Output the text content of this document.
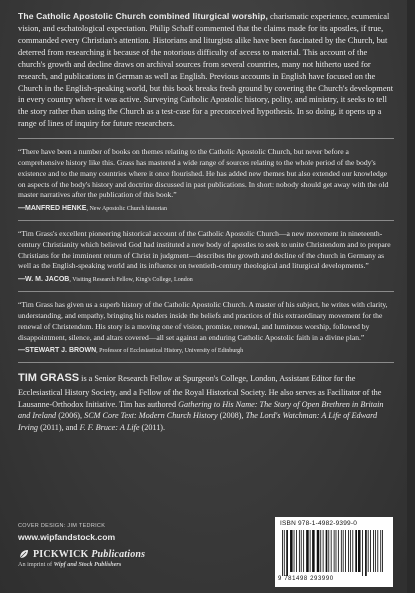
The Catholic Apostolic Church combined liturgical worship, charismatic experience, ecumenical vision, and eschatological expectation. Philip Schaff commented that the claims made for its apostles, if true, commanded every Christian's attention. Historians and liturgists alike have been fascinated by the Church, but deterred from researching it because of the notorious difficulty of access to material. This account of the church's growth and decline draws on archival sources from several countries, many not hitherto used for research, and publications in German as well as English. Previous accounts in English have focused on the Church in the English-speaking world, but this book breaks fresh ground by covering the Church's development in every country where it was active. Surveying Catholic Apostolic history, polity, and ministry, it seeks to tell the story rather than using the Church as a test-case for a preconceived hypothesis. In so doing, it opens up a range of lines of inquiry for future researchers.

“There have been a number of books on themes relating to the Catholic Apostolic Church, but never before a comprehensive history like this. Grass has mastered a wide range of sources relating to the whole period of the body's existence and to the many countries where it once flourished. He has added new themes but also extended our knowledge on aspects of the body's history and doctrine discussed in past publications. In short: nobody should get away with the old master narratives after the publication of this book.”

—MANFRED HENKE, New Apostolic Church historian

“Tim Grass's excellent pioneering historical account of the Catholic Apostolic Church—a new movement in nineteenth-century Christianity which believed God had instituted a new body of apostles to seek to unite Christendom and to prepare Christians for the imminent return of Christ in judgment—describes the growth and decline of the church in Germany as well as the English-speaking world and its influence on twentieth-century theological and liturgical developments.”

—W. M. JACOB, Visiting Research Fellow, King's College, London

“Tim Grass has given us a superb history of the Catholic Apostolic Church. A master of his subject, he writes with clarity, understanding, and empathy, bringing his readers inside the beliefs and practices of this extraordinary movement for the renewal of Christendom. His story is a moving one of vision, promise, renewal, and luminous worship, followed by disappointment, silence, and altars covered—all set against an enduring Catholic Apostolic faith in a divine plan.”

—STEWART J. BROWN, Professor of Ecclesiastical History, University of Edinburgh

TIM GRASS is a Senior Research Fellow at Spurgeon's College, London, Assistant Editor for the Ecclesiastical History Society, and a Fellow of the Royal Historical Society. He also serves as Facilitator of the Lausanne-Orthodox Initiative. Tim has authored Gathering to His Name: The Story of Open Brethren in Britain and Ireland (2006), SCM Core Text: Modern Church History (2008), The Lord's Watchman: A Life of Edward Irving (2011), and F. F. Bruce: A Life (2011).

COVER DESIGN: JIM TEDRICK
www.wipfandstock.com
PICKWICK Publications
An imprint of Wipf and Stock Publishers
ISBN 978-1-4982-9399-0
9 781498 293990
